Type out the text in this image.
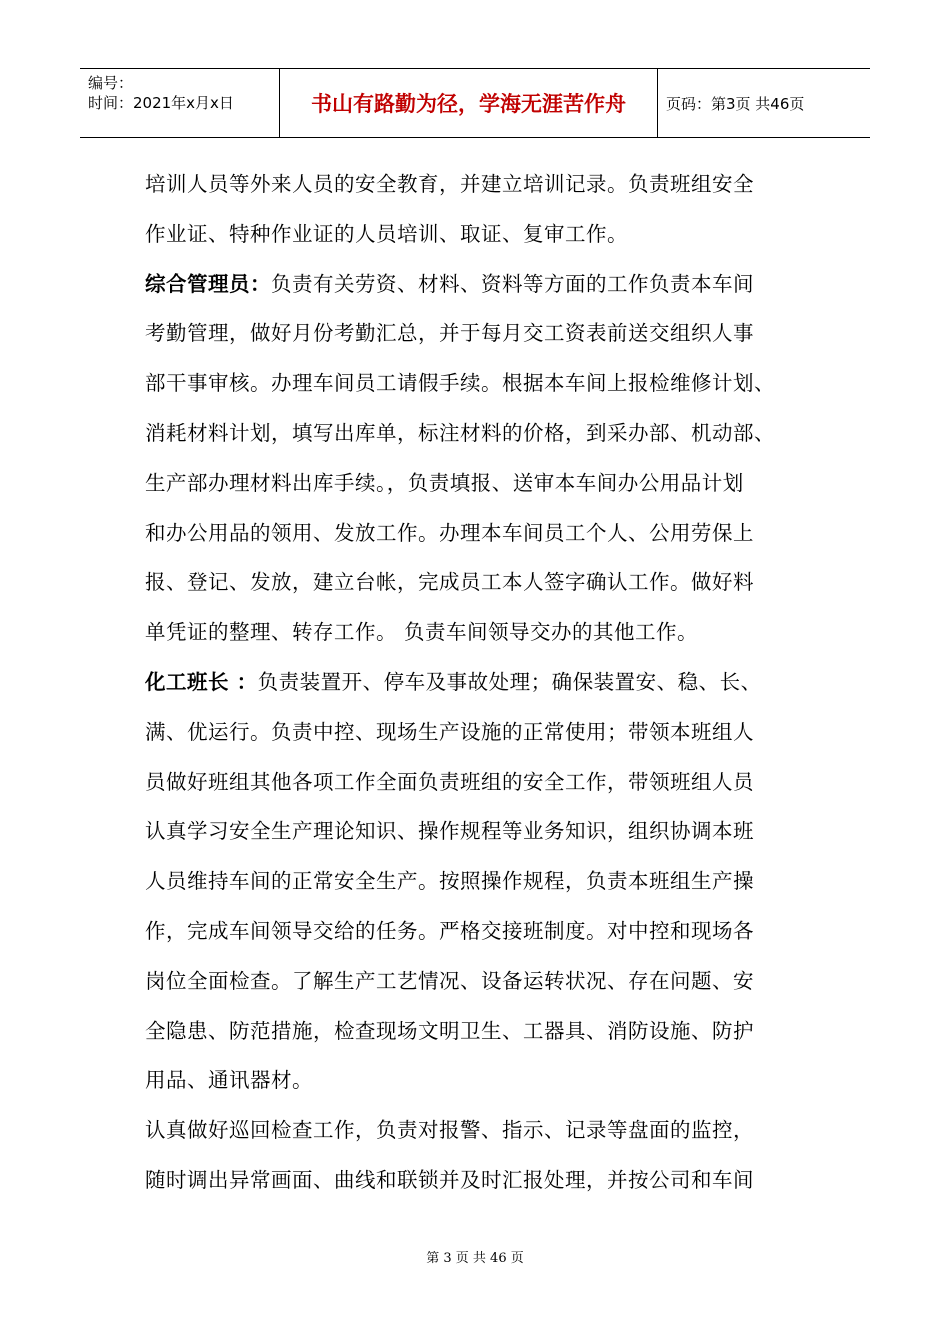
编号：
时间：2021年x月x日	书山有路勤为径，学海无涯苦作舟	页码：第3页 共46页
培训人员等外来人员的安全教育，并建立培训记录。负责班组安全
作业证、特种作业证的人员培训、取证、复审工作。
综合管理员：负责有关劳资、材料、资料等方面的工作负责本车间
考勤管理，做好月份考勤汇总，并于每月交工资表前送交组织人事
部干事审核。办理车间员工请假手续。根据本车间上报检维修计划、
消耗材料计划，填写出库单，标注材料的价格，到采办部、机动部、
生产部办理材料出库手续。，负责填报、送审本车间办公用品计划
和办公用品的领用、发放工作。办理本车间员工个人、公用劳保上
报、登记、发放，建立台帐，完成员工本人签字确认工作。做好料
单凭证的整理、转存工作。 负责车间领导交办的其他工作。
化工班长 ：负责装置开、停车及事故处理；确保装置安、稳、长、
满、优运行。负责中控、现场生产设施的正常使用；带领本班组人
员做好班组其他各项工作全面负责班组的安全工作，带领班组人员
认真学习安全生产理论知识、操作规程等业务知识，组织协调本班
人员维持车间的正常安全生产。按照操作规程，负责本班组生产操
作，完成车间领导交给的任务。严格交接班制度。对中控和现场各
岗位全面检查。了解生产工艺情况、设备运转状况、存在问题、安
全隐患、防范措施，检查现场文明卫生、工器具、消防设施、防护
用品、通讯器材。
认真做好巡回检查工作，负责对报警、指示、记录等盘面的监控，
随时调出异常画面、曲线和联锁并及时汇报处理，并按公司和车间
第 3 页 共 46 页
